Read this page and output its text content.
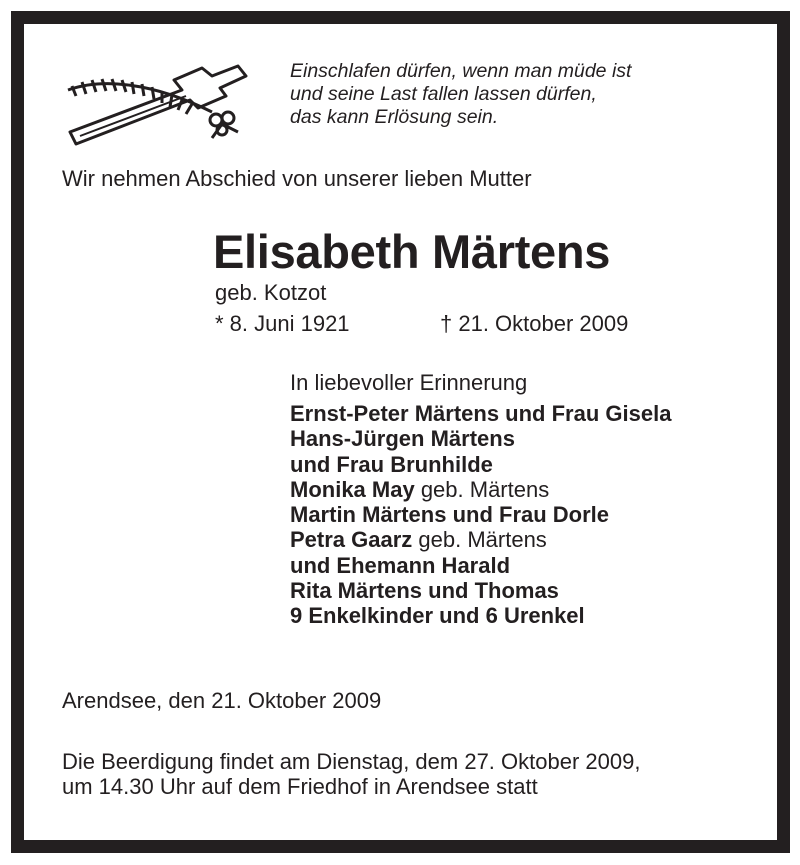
Einschlafen dürfen, wenn man müde ist
und seine Last fallen lassen dürfen,
das kann Erlösung sein.
Wir nehmen Abschied von unserer lieben Mutter
Elisabeth Märtens
geb. Kotzot
* 8. Juni 1921	† 21. Oktober 2009
In liebevoller Erinnerung
Ernst-Peter Märtens und Frau Gisela
Hans-Jürgen Märtens
und Frau Brunhilde
Monika May geb. Märtens
Martin Märtens und Frau Dorle
Petra Gaarz geb. Märtens
und Ehemann Harald
Rita Märtens und Thomas
9 Enkelkinder und 6 Urenkel
Arendsee, den 21. Oktober 2009
Die Beerdigung findet am Dienstag, dem 27. Oktober 2009,
um 14.30 Uhr auf dem Friedhof in Arendsee statt
